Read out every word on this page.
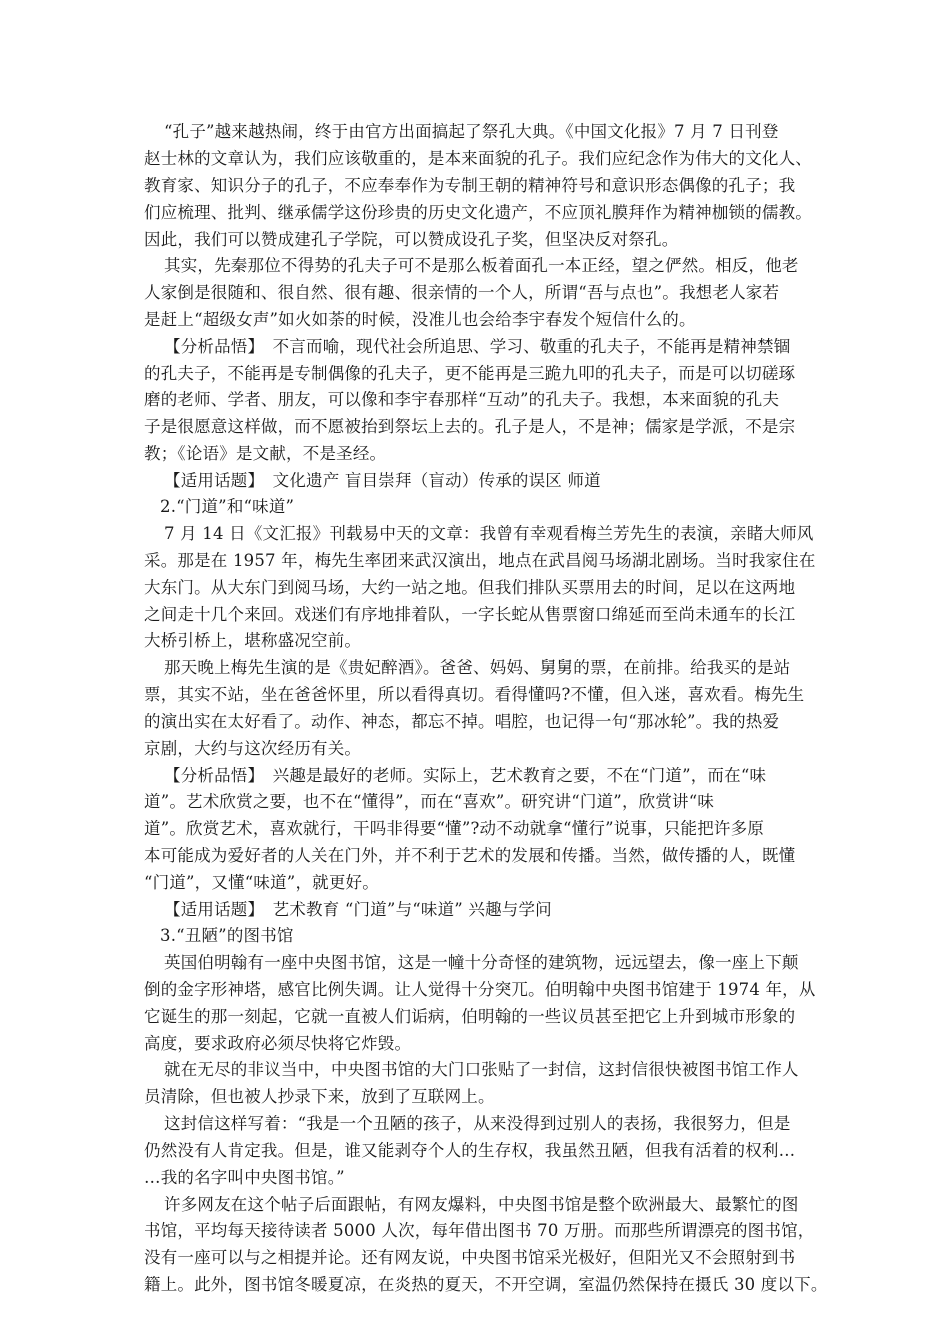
“孔子”越来越热闹，终于由官方出面搞起了祭孔大典。《中国文化报》7 月 7 日刊登
赵士林的文章认为，我们应该敬重的，是本来面貌的孔子。我们应纪念作为伟大的文化人、
教育家、知识分子的孔子，不应奉奉作为专制王朝的精神符号和意识形态偶像的孔子；我
们应梳理、批判、继承儒学这份珍贵的历史文化遗产，不应顶礼膜拜作为精神枷锁的儒教。
因此，我们可以赞成建孔子学院，可以赞成设孔子奖，但坚决反对祭孔。
其实，先秦那位不得势的孔夫子可不是那么板着面孔一本正经，望之俨然。相反，他老
人家倒是很随和、很自然、很有趣、很亲情的一个人，所谓“吾与点也”。我想老人家若
是赶上“超级女声”如火如荼的时候，没准儿也会给李宇春发个短信什么的。
【分析品悟】　不言而喻，现代社会所追思、学习、敬重的孔夫子，不能再是精神禁锢
的孔夫子，不能再是专制偶像的孔夫子，更不能再是三跪九叩的孔夫子，而是可以切磋琢
磨的老师、学者、朋友，可以像和李宇春那样“互动”的孔夫子。我想，本来面貌的孔夫
子是很愿意这样做，而不愿被抬到祭坛上去的。孔子是人，不是神；儒家是学派，不是宗
教；《论语》是文献，不是圣经。
【适用话题】　文化遗产 盲目崇拜（盲动）传承的误区 师道
2.“门道”和“味道”
7 月 14 日《文汇报》刊载易中天的文章：我曾有幸观看梅兰芳先生的表演，亲睹大师风
采。那是在 1957 年，梅先生率团来武汉演出，地点在武昌阅马场湖北剧场。当时我家住在
大东门。从大东门到阅马场，大约一站之地。但我们排队买票用去的时间，足以在这两地
之间走十几个来回。戏迷们有序地排着队，一字长蛇从售票窗口绵延而至尚未通车的长江
大桥引桥上，堪称盛况空前。
那天晚上梅先生演的是《贵妃醉酒》。爸爸、妈妈、舅舅的票，在前排。给我买的是站
票，其实不站，坐在爸爸怀里，所以看得真切。看得懂吗?不懂，但入迷，喜欢看。梅先生
的演出实在太好看了。动作、神态，都忘不掉。唱腔，也记得一句“那冰轮”。我的热爱
京剧，大约与这次经历有关。
【分析品悟】　兴趣是最好的老师。实际上，艺术教育之要，不在“门道”，而在“味
道”。艺术欣赏之要，也不在“懂得”，而在“喜欢”。研究讲“门道”，欣赏讲“味
道”。欣赏艺术，喜欢就行，干吗非得要“懂”?动不动就拿“懂行”说事，只能把许多原
本可能成为爱好者的人关在门外，并不利于艺术的发展和传播。当然，做传播的人，既懂
“门道”，又懂“味道”，就更好。
【适用话题】　艺术教育 “门道”与“味道” 兴趣与学问
3.“丑陋”的图书馆
英国伯明翰有一座中央图书馆，这是一幢十分奇怪的建筑物，远远望去，像一座上下颠
倒的金字形神塔，感官比例失调。让人觉得十分突兀。伯明翰中央图书馆建于 1974 年，从
它诞生的那一刻起，它就一直被人们诟病，伯明翰的一些议员甚至把它上升到城市形象的
高度，要求政府必须尽快将它炸毁。
就在无尽的非议当中，中央图书馆的大门口张贴了一封信，这封信很快被图书馆工作人
员清除，但也被人抄录下来，放到了互联网上。
这封信这样写着：“我是一个丑陋的孩子，从来没得到过别人的表扬，我很努力，但是
仍然没有人肯定我。但是，谁又能剥夺个人的生存权，我虽然丑陋，但我有活着的权利…
…我的名字叫中央图书馆。”
许多网友在这个帖子后面跟帖，有网友爆料，中央图书馆是整个欧洲最大、最繁忙的图
书馆，平均每天接待读者 5000 人次，每年借出图书 70 万册。而那些所谓漂亮的图书馆，
没有一座可以与之相提并论。还有网友说，中央图书馆采光极好，但阳光又不会照射到书
籍上。此外，图书馆冬暖夏凉，在炎热的夏天，不开空调，室温仍然保持在摄氏 30 度以下。
